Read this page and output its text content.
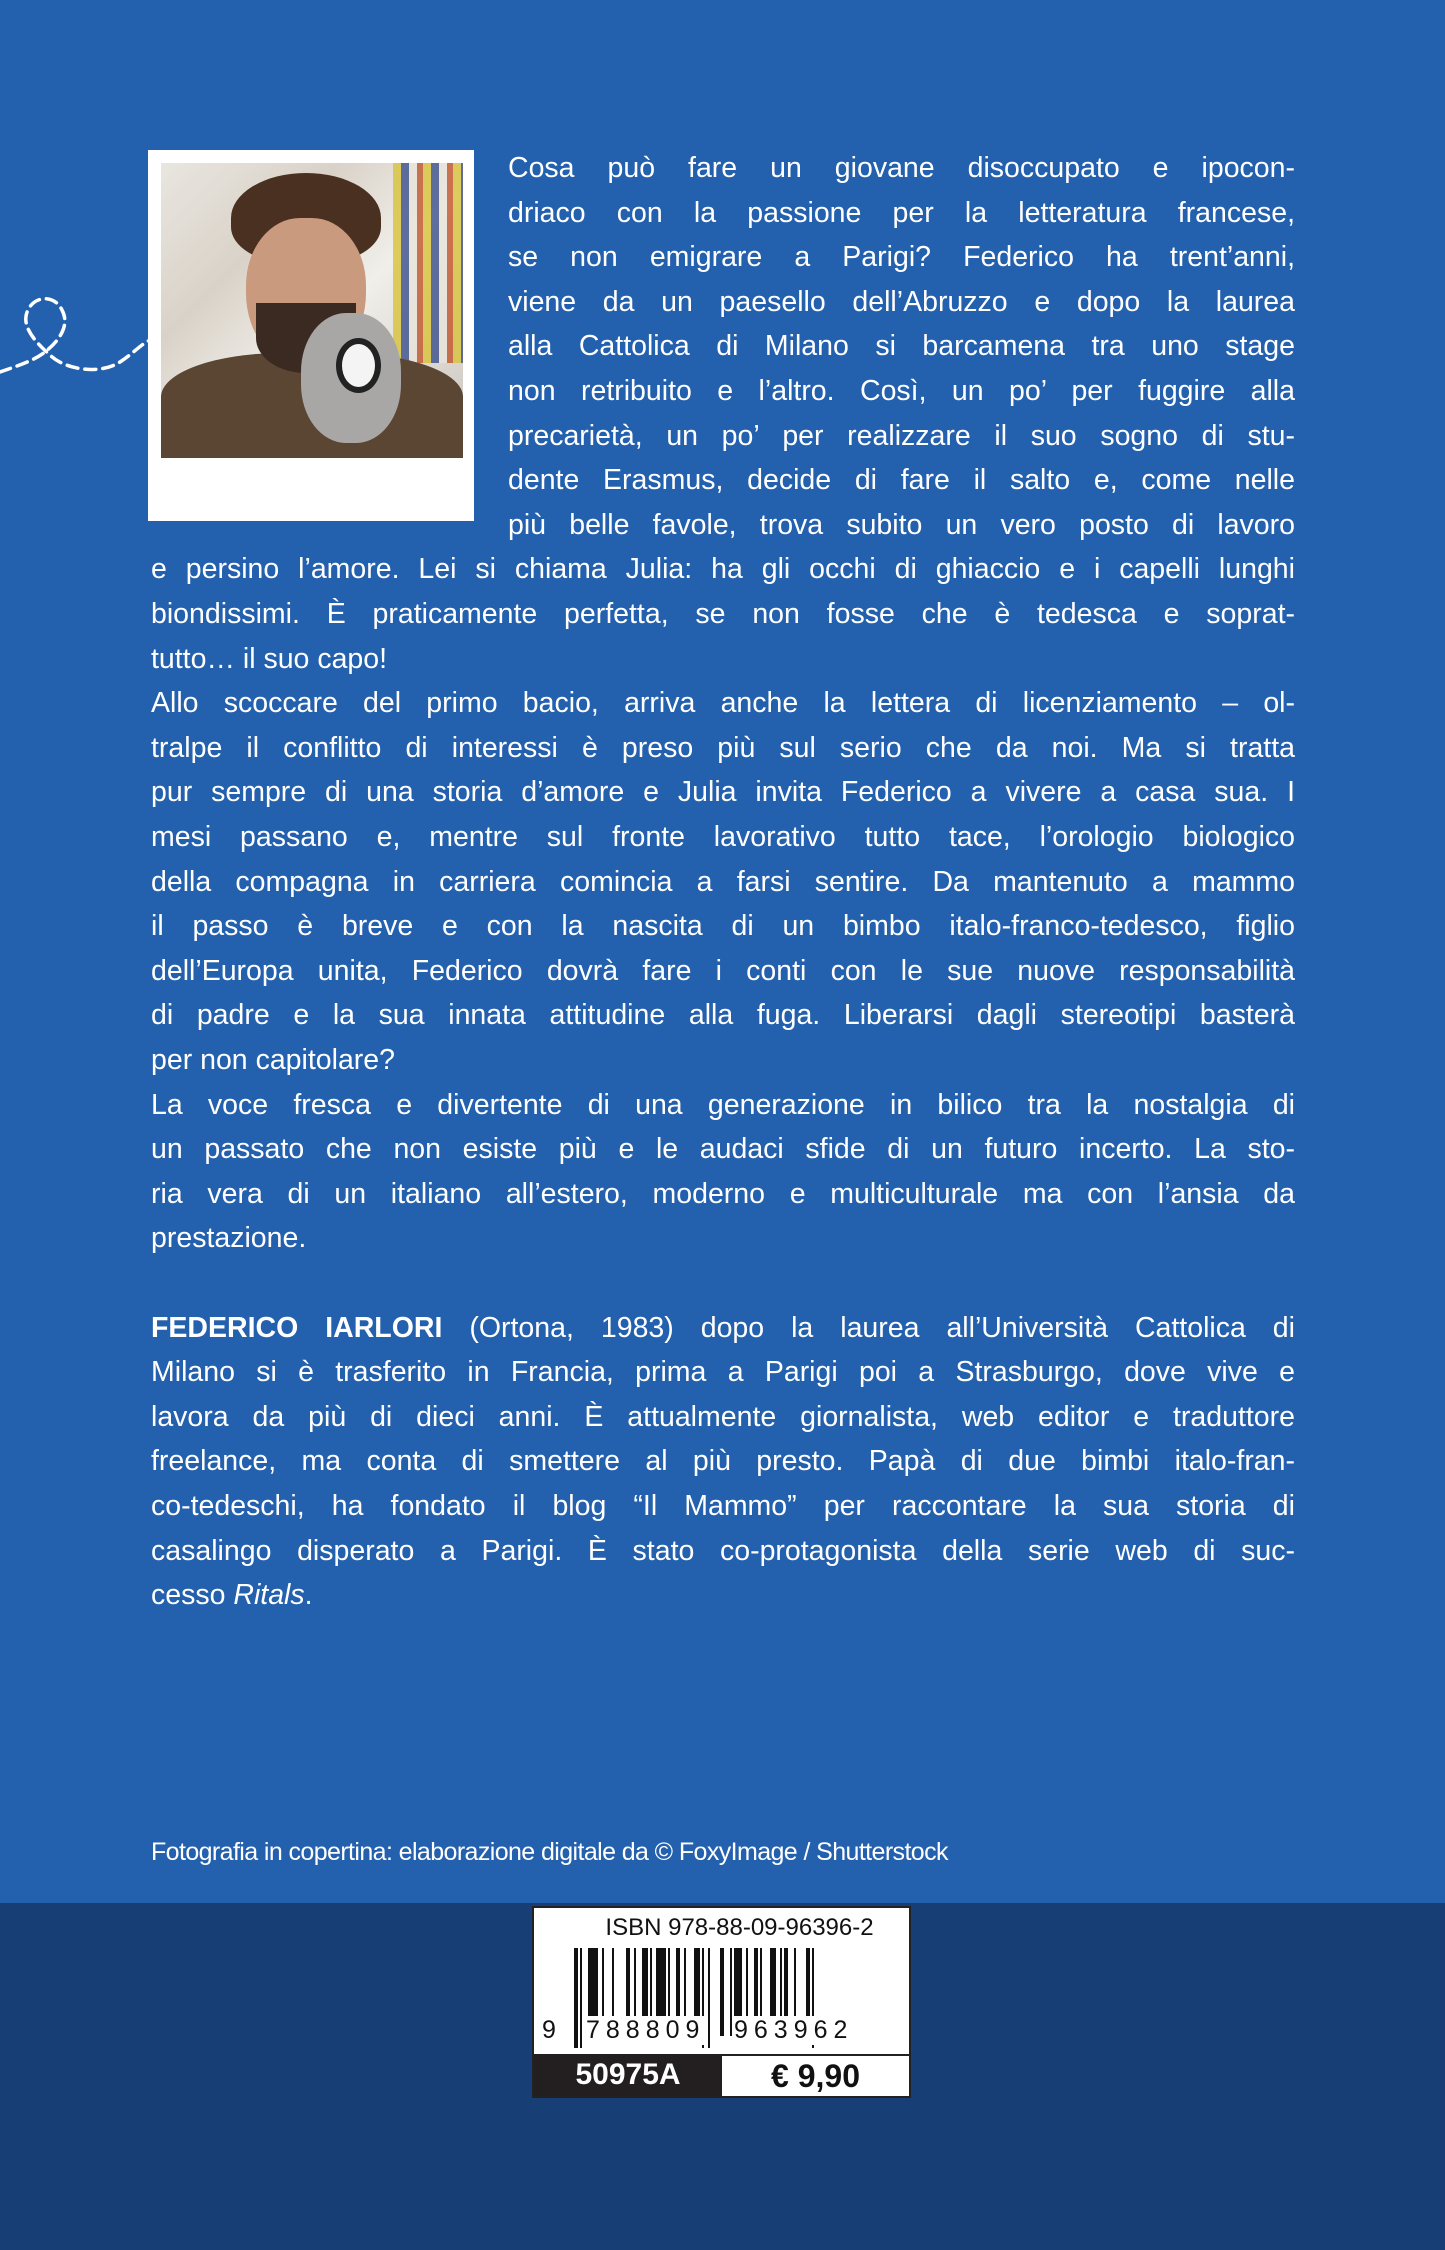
Cosa può fare un giovane disoccupato e ipocon-
driaco con la passione per la letteratura francese,
se non emigrare a Parigi? Federico ha trent’anni,
viene da un paesello dell’Abruzzo e dopo la laurea
alla Cattolica di Milano si barcamena tra uno stage
non retribuito e l’altro. Così, un po’ per fuggire alla
precarietà, un po’ per realizzare il suo sogno di stu-
dente Erasmus, decide di fare il salto e, come nelle
più belle favole, trova subito un vero posto di lavoro
e persino l’amore. Lei si chiama Julia: ha gli occhi di ghiaccio e i capelli lunghi
biondissimi. È praticamente perfetta, se non fosse che è tedesca e soprat-
tutto… il suo capo!
Allo scoccare del primo bacio, arriva anche la lettera di licenziamento – ol-
tralpe il conflitto di interessi è preso più sul serio che da noi. Ma si tratta
pur sempre di una storia d’amore e Julia invita Federico a vivere a casa sua. I
mesi passano e, mentre sul fronte lavorativo tutto tace, l’orologio biologico
della compagna in carriera comincia a farsi sentire. Da mantenuto a mammo
il passo è breve e con la nascita di un bimbo italo-franco-tedesco, figlio
dell’Europa unita, Federico dovrà fare i conti con le sue nuove responsabilità
di padre e la sua innata attitudine alla fuga. Liberarsi dagli stereotipi basterà
per non capitolare?
La voce fresca e divertente di una generazione in bilico tra la nostalgia di
un passato che non esiste più e le audaci sfide di un futuro incerto. La sto-
ria vera di un italiano all’estero, moderno e multiculturale ma con l’ansia da
prestazione.
FEDERICO IARLORI (Ortona, 1983) dopo la laurea all’Università Cattolica di
Milano si è trasferito in Francia, prima a Parigi poi a Strasburgo, dove vive e
lavora da più di dieci anni. È attualmente giornalista, web editor e traduttore
freelance, ma conta di smettere al più presto. Papà di due bimbi italo-fran-
co-tedeschi, ha fondato il blog “Il Mammo” per raccontare la sua storia di
casalingo disperato a Parigi. È stato co-protagonista della serie web di suc-
cesso Ritals.
Fotografia in copertina: elaborazione digitale da © FoxyImage / Shutterstock
ISBN 978-88-09-96396-2
9 788809 963962
50975A	€ 9,90
